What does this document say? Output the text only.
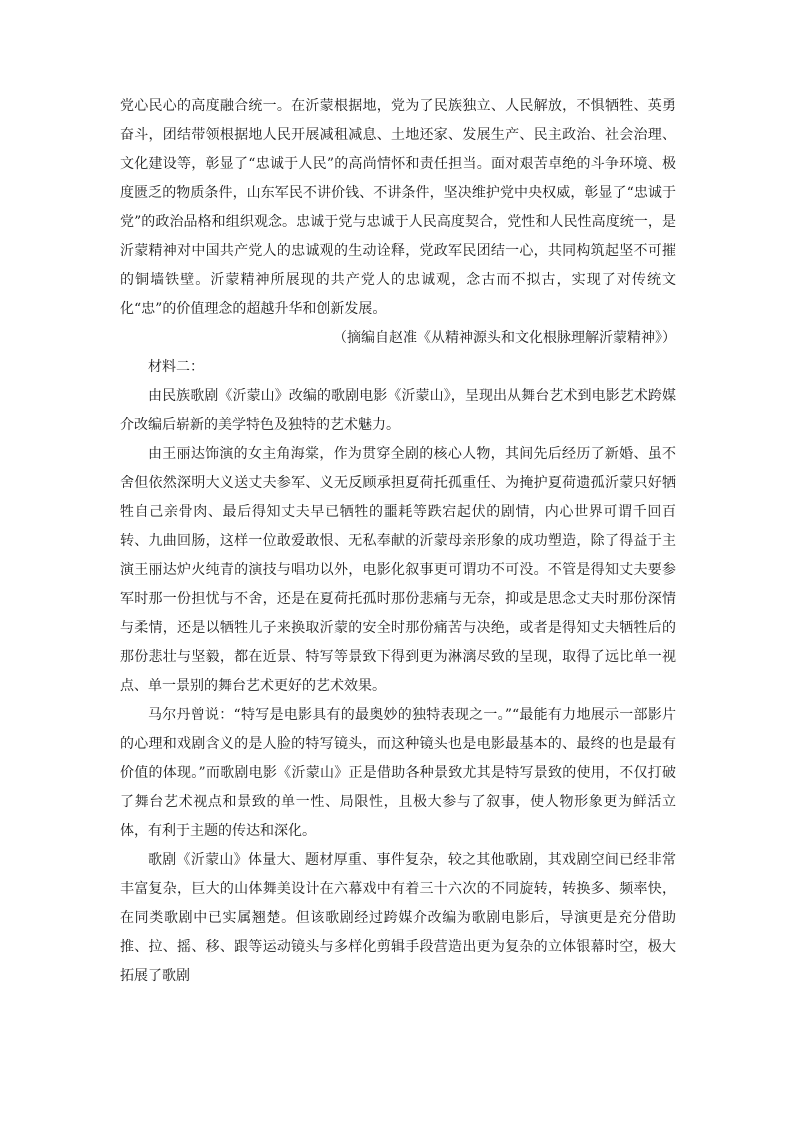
党心民心的高度融合统一。在沂蒙根据地，党为了民族独立、人民解放，不惧牺牲、英勇奋斗，团结带领根据地人民开展减租减息、土地还家、发展生产、民主政治、社会治理、文化建设等，彰显了“忠诚于人民”的高尚情怀和责任担当。面对艰苦卓绝的斗争环境、极度匮乏的物质条件，山东军民不讲价钱、不讲条件，坚决维护党中央权威，彰显了“忠诚于党”的政治品格和组织观念。忠诚于党与忠诚于人民高度契合，党性和人民性高度统一，是沂蒙精神对中国共产党人的忠诚观的生动诠释，党政军民团结一心，共同构筑起坚不可摧的铜墙铁壁。沂蒙精神所展现的共产党人的忠诚观，念古而不拟古，实现了对传统文化“忠”的价值理念的超越升华和创新发展。

（摘编自赵准《从精神源头和文化根脉理解沂蒙精神》）

材料二：

由民族歌剧《沂蒙山》改编的歌剧电影《沂蒙山》，呈现出从舞台艺术到电影艺术跨媒介改编后崭新的美学特色及独特的艺术魅力。

由王丽达饰演的女主角海棠，作为贯穿全剧的核心人物，其间先后经历了新婚、虽不舍但依然深明大义送丈夫参军、义无反顾承担夏荷托孤重任、为掩护夏荷遗孤沂蒙只好牺牲自己亲骨肉、最后得知丈夫早已牺牲的噩耗等跌宕起伏的剧情，内心世界可谓千回百转、九曲回肠，这样一位敢爱敢恨、无私奉献的沂蒙母亲形象的成功塑造，除了得益于主演王丽达炉火纯青的演技与唱功以外，电影化叙事更可谓功不可没。不管是得知丈夫要参军时那一份担忧与不舍，还是在夏荷托孤时那份悲痛与无奈，抑或是思念丈夫时那份深情与柔情，还是以牺牲儿子来换取沂蒙的安全时那份痛苦与决绝，或者是得知丈夫牺牲后的那份悲壮与坚毅，都在近景、特写等景致下得到更为淋漓尽致的呈现，取得了远比单一视点、单一景别的舞台艺术更好的艺术效果。

马尔丹曾说：“特写是电影具有的最奥妙的独特表现之一。”“最能有力地展示一部影片的心理和戏剧含义的是人脸的特写镜头，而这种镜头也是电影最基本的、最终的也是最有价值的体现。”而歌剧电影《沂蒙山》正是借助各种景致尤其是特写景致的使用，不仅打破了舞台艺术视点和景致的单一性、局限性，且极大参与了叙事，使人物形象更为鲜活立体，有利于主题的传达和深化。

歌剧《沂蒙山》体量大、题材厚重、事件复杂，较之其他歌剧，其戏剧空间已经非常丰富复杂，巨大的山体舞美设计在六幕戏中有着三十六次的不同旋转，转换多、频率快，在同类歌剧中已实属翘楚。但该歌剧经过跨媒介改编为歌剧电影后，导演更是充分借助推、拉、摇、移、跟等运动镜头与多样化剪辑手段营造出更为复杂的立体银幕时空，极大拓展了歌剧
